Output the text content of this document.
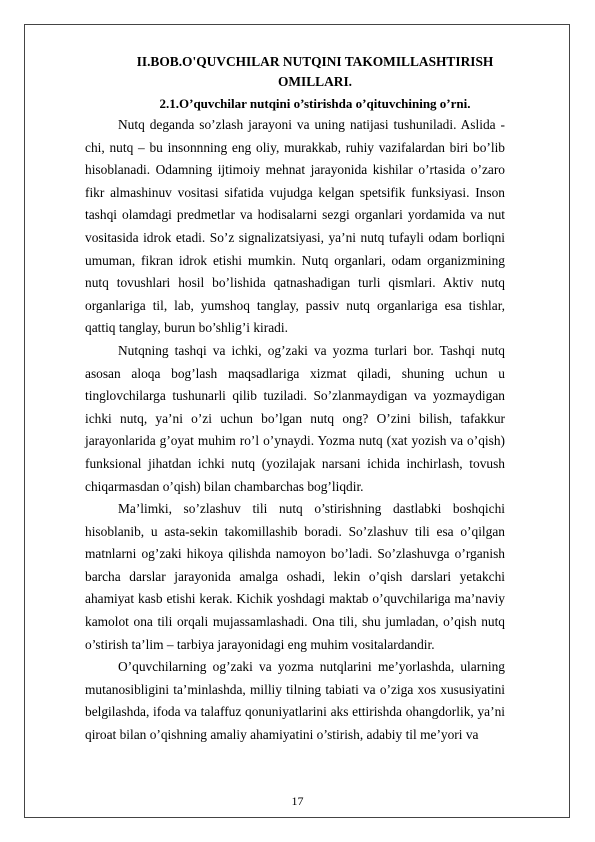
II.BOB.O'QUVCHILAR NUTQINI TAKOMILLASHTIRISH OMILLARI.

2.1.O’quvchilar nutqini o’stirishda o’qituvchining o’rni.

Nutq deganda so’zlash jarayoni va uning natijasi tushuniladi. Aslida - chi, nutq – bu insonnning eng oliy, murakkab, ruhiy vazifalardan biri bo’lib hisoblanadi. Odamning ijtimoiy mehnat jarayonida kishilar o’rtasida o’zaro fikr almashinuv vositasi sifatida vujudga kelgan spetsifik funksiyasi. Inson tashqi olamdagi predmetlar va hodisalarni sezgi organlari yordamida va nut vositasida idrok etadi. So’z signalizatsiyasi, ya’ni nutq tufayli odam borliqni umuman, fikran idrok etishi mumkin. Nutq organlari, odam organizmining nutq tovushlari hosil bo’lishida qatnashadigan turli qismlari. Aktiv nutq organlariga til, lab, yumshoq tanglay, passiv nutq organlariga esa tishlar, qattiq tanglay, burun bo’shlig’i kiradi.

Nutqning tashqi va ichki, og’zaki va yozma turlari bor. Tashqi nutq asosan aloqa bog’lash maqsadlariga xizmat qiladi, shuning uchun u tinglovchilarga tushunarli qilib tuziladi. So’zlanmaydigan va yozmaydigan ichki nutq, ya’ni o’zi uchun bo’lgan nutq ong? O’zini bilish, tafakkur jarayonlarida g’oyat muhim ro’l o’ynaydi. Yozma nutq (xat yozish va o’qish) funksional jihatdan ichki nutq (yozilajak narsani ichida inchirlash, tovush chiqarmasdan o’qish) bilan chambarchas bog’liqdir.

Ma’limki, so’zlashuv tili nutq o’stirishning dastlabki boshqichi hisoblanib, u asta-sekin takomillashib boradi. So’zlashuv tili esa o’qilgan matnlarni og’zaki hikoya qilishda namoyon bo’ladi. So’zlashuvga o’rganish barcha darslar jarayonida amalga oshadi, lekin o’qish darslari yetakchi ahamiyat kasb etishi kerak. Kichik yoshdagi maktab o’quvchilariga ma’naviy kamolot ona tili orqali mujassamlashadi. Ona tili, shu jumladan, o’qish nutq o’stirish ta’lim – tarbiya jarayonidagi eng muhim vositalardandir.

O’quvchilarning og’zaki va yozma nutqlarini me’yorlashda, ularning mutanosibligini ta’minlashda, milliy tilning tabiati va o’ziga xos xususiyatini belgilashda, ifoda va talaffuz qonuniyatlarini aks ettirishda ohangdorlik, ya’ni qiroat bilan o’qishning amaliy ahamiyatini o’stirish, adabiy til me’yori va

17
